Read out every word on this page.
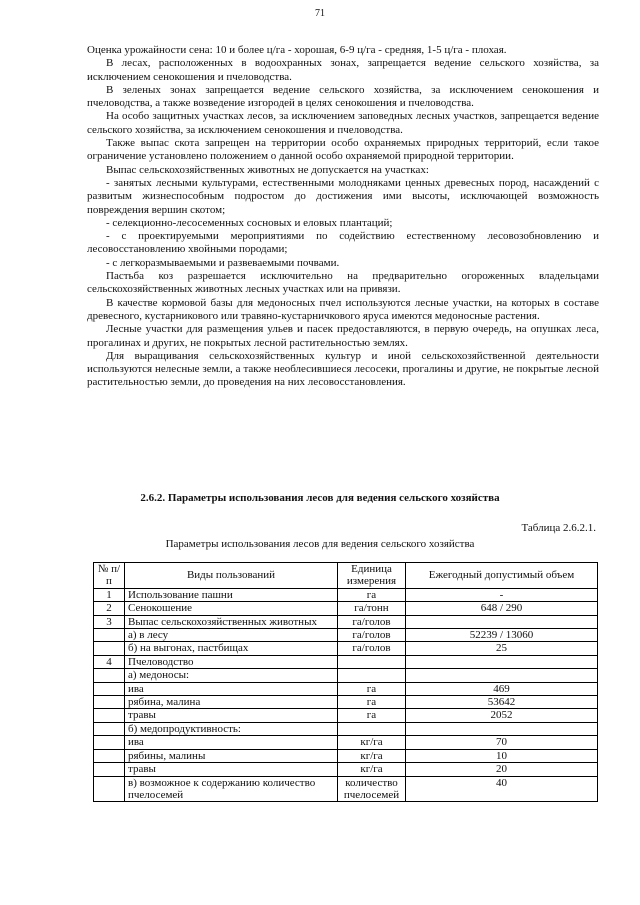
71

Оценка урожайности сена: 10 и более ц/га - хорошая, 6-9 ц/га - средняя, 1-5 ц/га - плохая.

В лесах, расположенных в водоохранных зонах, запрещается ведение сельского хозяйства, за исключением сенокошения и пчеловодства.

В зеленых зонах запрещается ведение сельского хозяйства, за исключением сенокошения и пчеловодства, а также возведение изгородей в целях сенокошения и пчеловодства.

На особо защитных участках лесов, за исключением заповедных лесных участков, запрещается ведение сельского хозяйства, за исключением сенокошения и пчеловодства.

Также выпас скота запрещен на территории особо охраняемых природных территорий, если такое ограничение установлено положением о данной особо охраняемой природной территории.

Выпас сельскохозяйственных животных не допускается на участках:

- занятых лесными культурами, естественными молодняками ценных древесных пород, насаждений с развитым жизнеспособным подростом до достижения ими высоты, исключающей возможность повреждения вершин скотом;

- селекционно-лесосеменных сосновых и еловых плантаций;

- с проектируемыми мероприятиями по содействию естественному лесовозобновлению и лесовосстановлению хвойными породами;

- с легкоразмываемыми и развеваемыми почвами.

Пастьба коз разрешается исключительно на предварительно огороженных владельцами сельскохозяйственных животных лесных участках или на привязи.

В качестве кормовой базы для медоносных пчел используются лесные участки, на которых в составе древесного, кустарникового или травяно-кустарничкового яруса имеются медоносные растения.

Лесные участки для размещения ульев и пасек предоставляются, в первую очередь, на опушках леса, прогалинах и других, не покрытых лесной растительностью землях.

Для выращивания сельскохозяйственных культур и иной сельскохозяйственной деятельности используются нелесные земли, а также необлесившиеся лесосеки, прогалины и другие, не покрытые лесной растительностью земли, до проведения на них лесовосстановления.

2.6.2. Параметры использования лесов для ведения сельского хозяйства
Таблица 2.6.2.1.
Параметры использования лесов для ведения сельского хозяйства
№ п/п	Виды пользований	Единица измерения	Ежегодный допустимый объем
1	Использование пашни	га	-
2	Сенокошение	га/тонн	648 / 290
3	Выпас сельскохозяйственных животных	га/голов	
	а) в лесу	га/голов	52239 / 13060
	б) на выгонах, пастбищах	га/голов	25
4	Пчеловодство		
	а) медоносы:		
	ива	га	469
	рябина, малина	га	53642
	травы	га	2052
	б) медопродуктивность:		
	ива	кг/га	70
	рябины, малины	кг/га	10
	травы	кг/га	20
	в) возможное к содержанию количество пчелосемей	количество пчелосемей	40
